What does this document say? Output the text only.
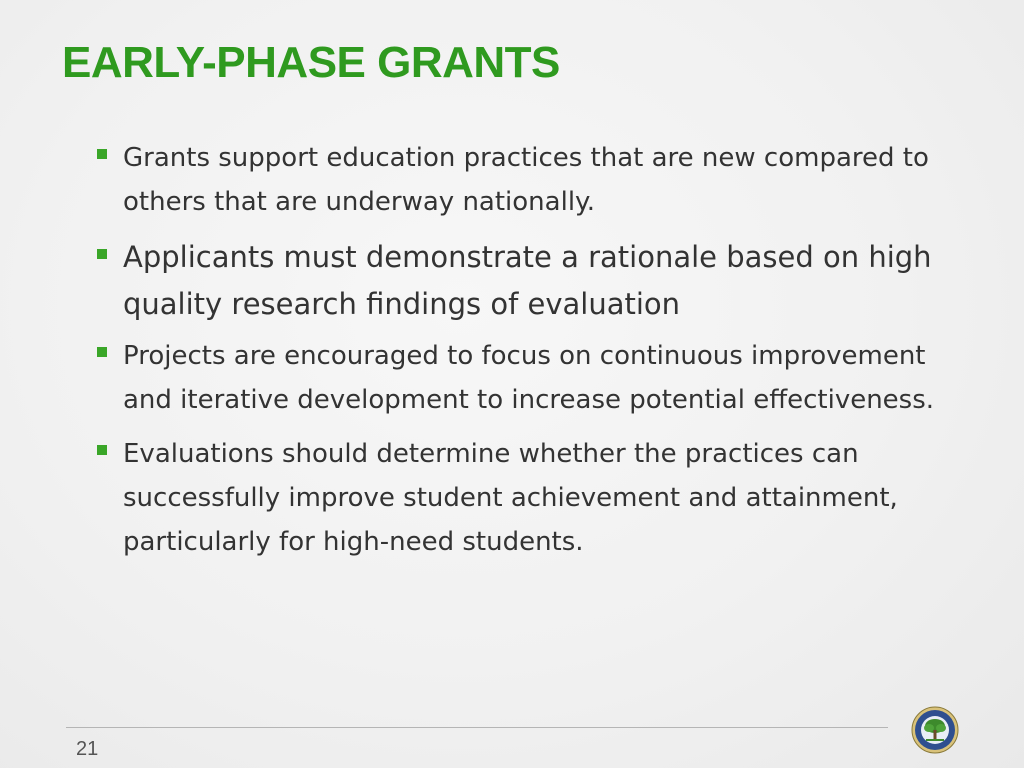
EARLY-PHASE GRANTS
Grants support education practices that are new compared to others that are underway nationally.
Applicants must demonstrate a rationale based on high quality research findings of evaluation
Projects are encouraged to focus on continuous improvement and iterative development to increase potential effectiveness.
Evaluations should determine whether the practices can successfully improve student achievement and attainment, particularly for high-need students.
21
